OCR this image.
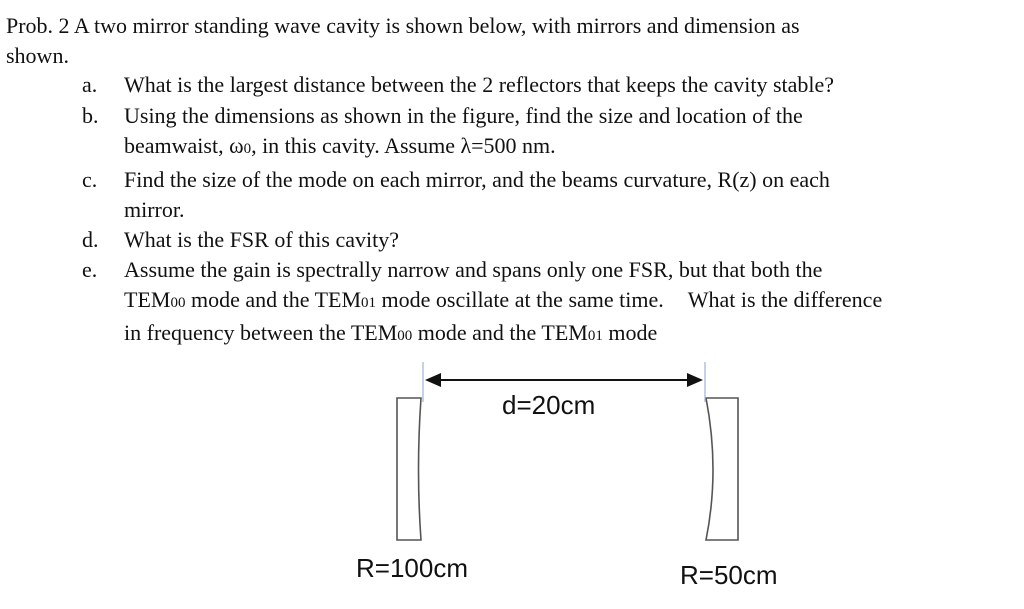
Prob. 2 A two mirror standing wave cavity is shown below, with mirrors and dimension as
shown.
a.	What is the largest distance between the 2 reflectors that keeps the cavity stable?
b.	Using the dimensions as shown in the figure, find the size and location of the
beamwaist, ω0, in this cavity. Assume λ=500 nm.
c.	Find the size of the mode on each mirror, and the beams curvature, R(z) on each
mirror.
d.	What is the FSR of this cavity?
e.	Assume the gain is spectrally narrow and spans only one FSR, but that both the
TEM00 mode and the TEM01 mode oscillate at the same time. What is the difference
in frequency between the TEM00 mode and the TEM01 mode
d=20cm
R=100cm	R=50cm
